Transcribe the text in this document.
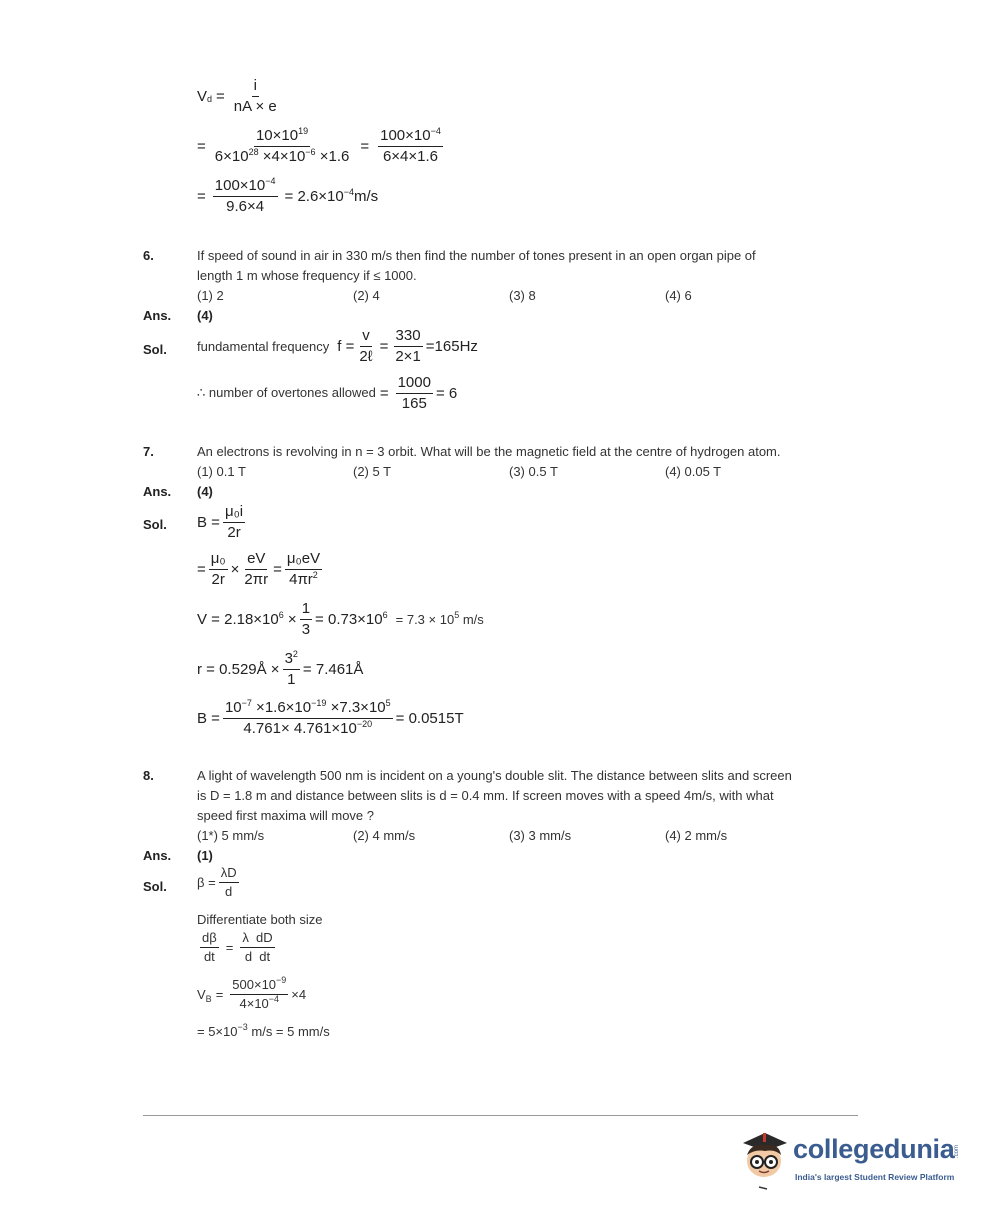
V $d = \frac{i}{nA \times e}$
= $\frac{10\times 10^{19}}{6\times 10^{28} \times 4\times 10^{-6} \times 1.6} = \frac{100\times 10^{-4}}{6\times 4\times 1.6}$
= $\frac{100\times 10^{-4}}{9.6\times 4} = 2.6\times 10^{-4}m/s$
6.	If speed of sound in air in 330 m/s then find the number of tones present in an open organ pipe of
length 1 m whose frequency if ≤ 1000.
(1) 2	(2) 4	(3) 8	(4) 6
Ans. (4)
Sol. fundamental frequency $f = \frac{v}{\text{2ℓ}} = \frac{330}{2\times 1} =165Hz$
∴ number of overtones allowed = $\frac{1000}{165} = 6$
7.	An electrons is revolving in n = 3 orbit. What will be the magnetic field at the centre of hydrogen atom.
(1) 0.1 T	(2) 5 T	(3) 0.5 T	(4) 0.05 T
Ans. (4)
Sol. $B = \frac{\text{μ₀i}}{2r}$
= $\frac{\text{μ₀}}{2r} \times \frac{eV}{2\pi r} = \frac{\text{μ₀eV}}{4\pi r^2}$
$V = 2.18\times 10^6 \times \frac{1}{3} = 0.73\times 10^6 = 7.3 \times 10^5$ m/s
r = 0.529Å × $\frac{3^2}{1}$ = 7.461Å
$B = \frac{10^{-7} \times 1.6\times 10^{-19} \times 7.3\times 10^5}{4.761\times 4.761\times 10^{-20}} = 0.0515T$
8.	A light of wavelength 500 nm is incident on a young's double slit. The distance between slits and screen
is D = 1.8 m and distance between slits is d = 0.4 mm. If screen moves with a speed 4m/s, with what
speed first maxima will move ?
(1*) 5 mm/s	(2) 4 mm/s	(3) 3 mm/s	(4) 2 mm/s
Ans. (1)
Sol. $\beta = \frac{\lambda D}{d}$
Differentiate both size
$\frac{d\beta}{dt} = \frac{\text{λ  dD}}{\text{d  dt}}$
$V_B = \frac{500\times 10^{-9}}{4\times 10^{-4}} \times 4$
= $5\times 10^{-3}$ m/s = 5 mm/s
collegedunia .com
India's largest Student Review Platform
